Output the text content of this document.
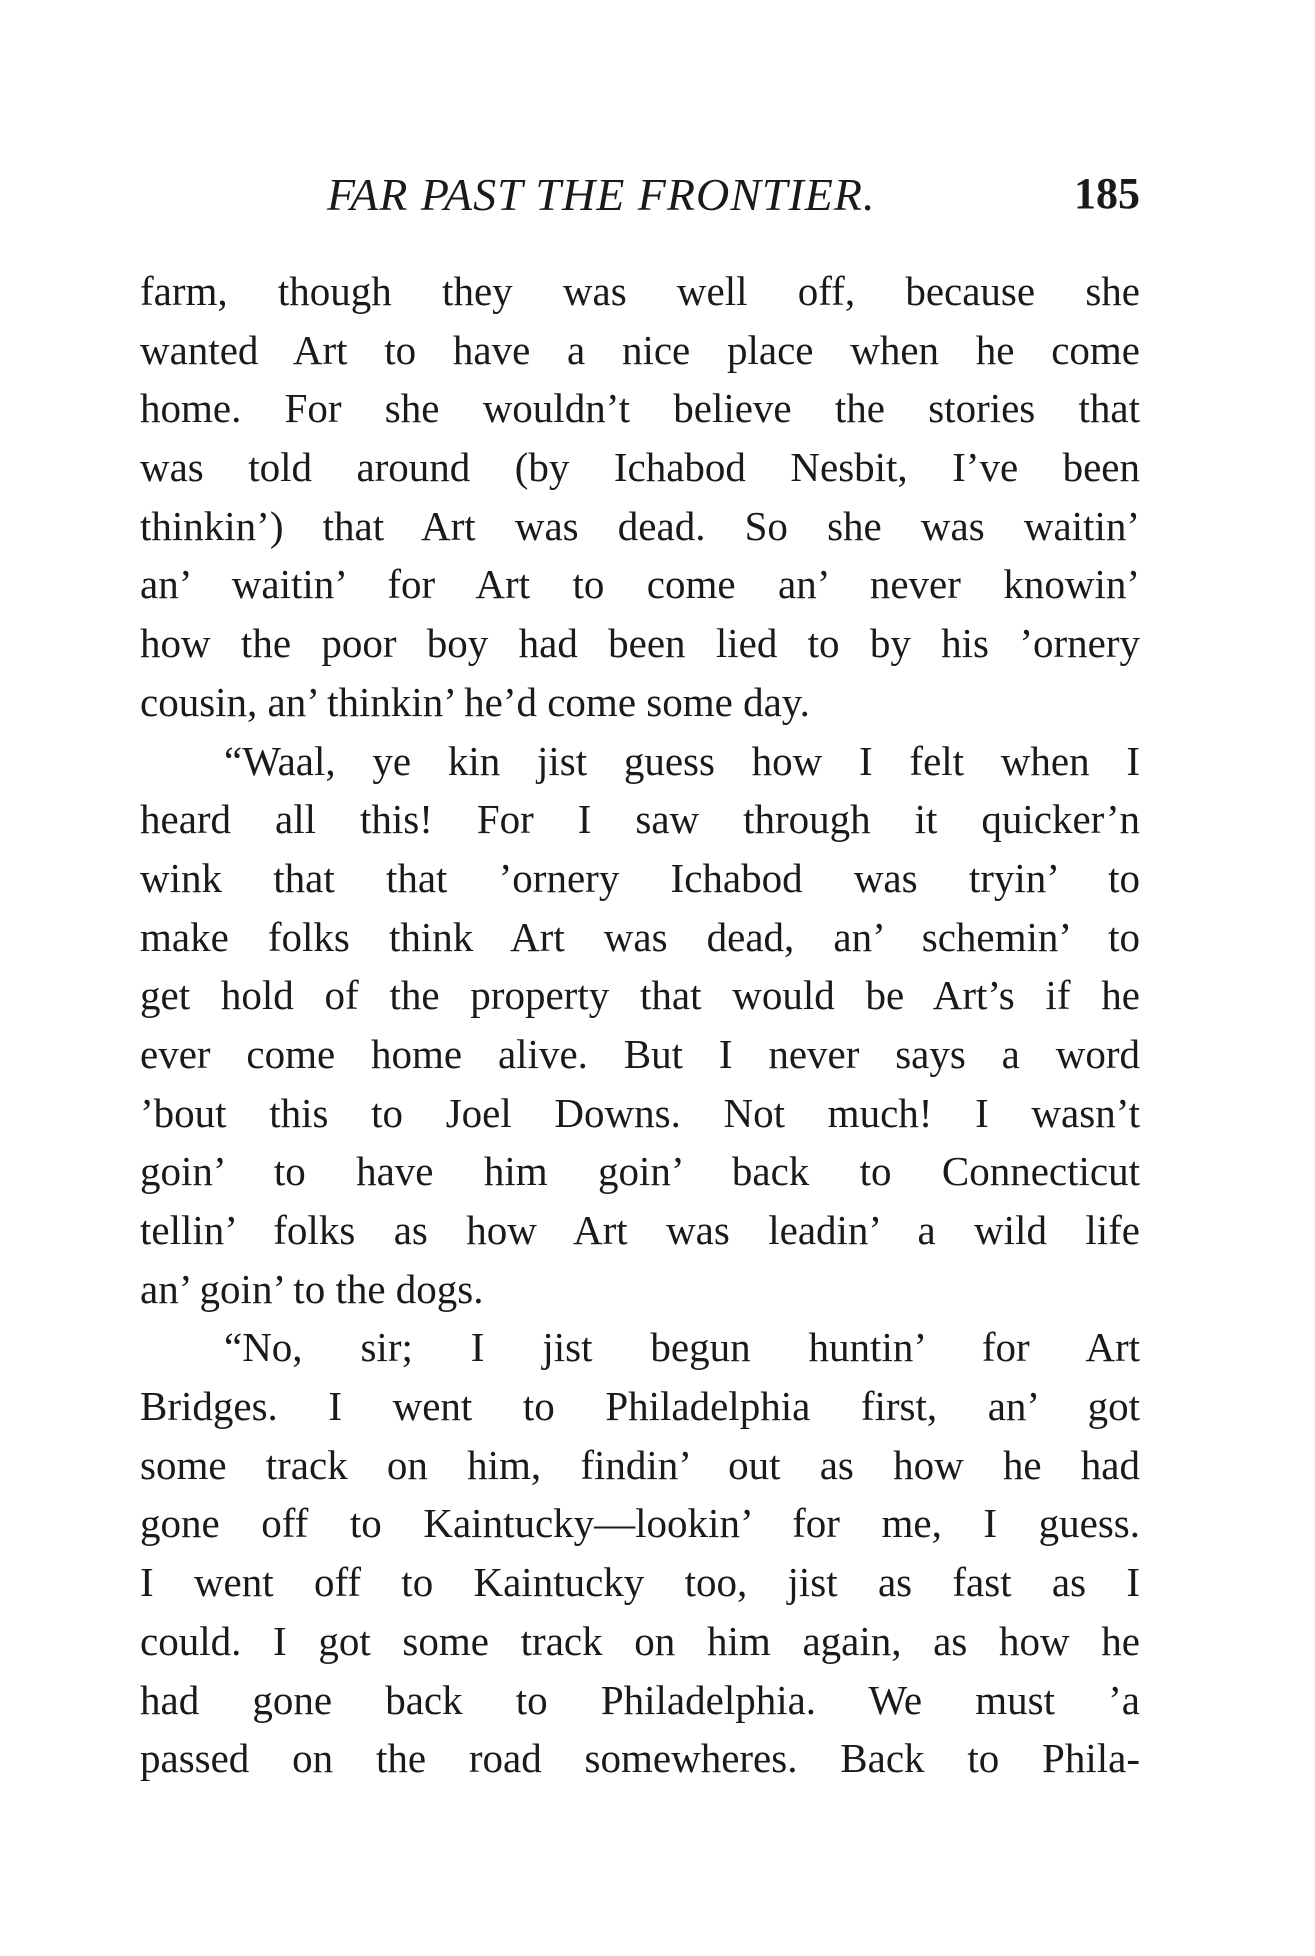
FAR PAST THE FRONTIER.	185
farm, though they was well off, because she
wanted Art to have a nice place when he come
home. For she wouldn’t believe the stories that
was told around (by Ichabod Nesbit, I’ve been
thinkin’) that Art was dead. So she was waitin’
an’ waitin’ for Art to come an’ never knowin’
how the poor boy had been lied to by his ’ornery
cousin, an’ thinkin’ he’d come some day.
“Waal, ye kin jist guess how I felt when I
heard all this! For I saw through it quicker’n
wink that that ’ornery Ichabod was tryin’ to
make folks think Art was dead, an’ schemin’ to
get hold of the property that would be Art’s if he
ever come home alive. But I never says a word
’bout this to Joel Downs. Not much! I wasn’t
goin’ to have him goin’ back to Connecticut
tellin’ folks as how Art was leadin’ a wild life
an’ goin’ to the dogs.
“No, sir; I jist begun huntin’ for Art
Bridges. I went to Philadelphia first, an’ got
some track on him, findin’ out as how he had
gone off to Kaintucky—lookin’ for me, I guess.
I went off to Kaintucky too, jist as fast as I
could. I got some track on him again, as how he
had gone back to Philadelphia. We must ’a
passed on the road somewheres. Back to Phila-
